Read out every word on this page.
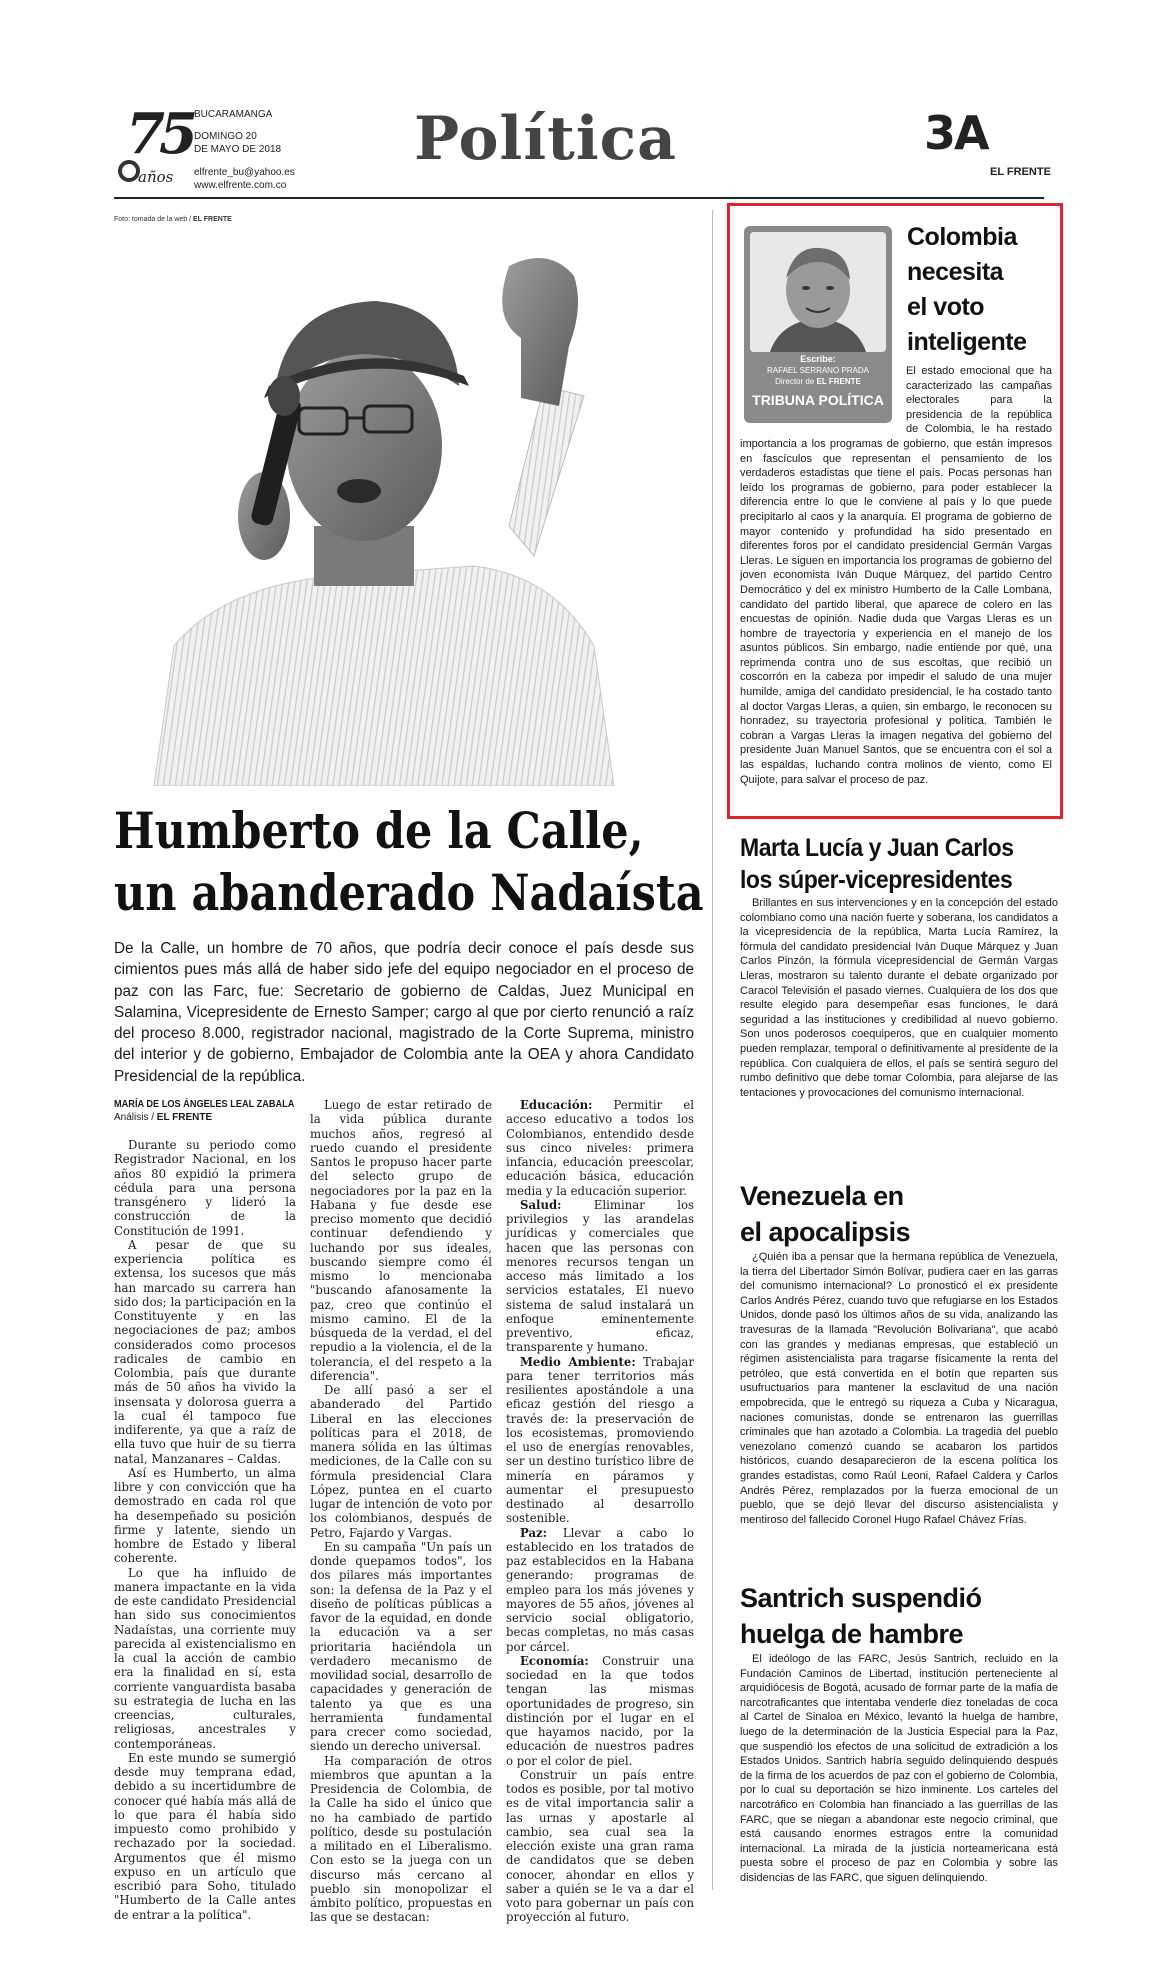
75
años
BUCARAMANGA
DOMINGO 20
DE MAYO DE 2018
elfrente_bu@yahoo.es
www.elfrente.com.co
Política	3A
EL FRENTE
Foto: tomada de la web / EL FRENTE
Humberto de la Calle,
un abanderado Nadaísta
De la Calle, un hombre de 70 años, que podría decir conoce el país desde sus cimientos pues más allá de haber sido jefe del equipo negociador en el proceso de paz con las Farc, fue: Secretario de gobierno de Caldas, Juez Municipal en Salamina, Vicepresidente de Ernesto Samper; cargo al que por cierto renunció a raíz del proceso 8.000, registrador nacional, magistrado de la Corte Suprema, ministro del interior y de gobierno, Embajador de Colombia ante la OEA y ahora Candidato Presidencial de la república.
MARÍA DE LOS ÁNGELES LEAL ZABALA
Análisis / EL FRENTE

Durante su periodo como Registrador Nacional, en los años 80 expidió la primera cédula para una persona transgénero y lideró la construcción de la Constitución de 1991.

A pesar de que su experiencia política es extensa, los sucesos que más han marcado su carrera han sido dos; la participación en la Constituyente y en las negociaciones de paz; ambos considerados como procesos radicales de cambio en Colombia, país que durante más de 50 años ha vivido la insensata y dolorosa guerra a la cual él tampoco fue indiferente, ya que a raíz de ella tuvo que huir de su tierra natal, Manzanares – Caldas.

Así es Humberto, un alma libre y con convicción que ha demostrado en cada rol que ha desempeñado su posición firme y latente, siendo un hombre de Estado y liberal coherente.

Lo que ha influido de manera impactante en la vida de este candidato Presidencial han sido sus conocimientos Nadaístas, una corriente muy parecida al existencialismo en la cual la acción de cambio era la finalidad en sí, esta corriente vanguardista basaba su estrategia de lucha en las creencias, culturales, religiosas, ancestrales y contemporáneas.

En este mundo se sumergió desde muy temprana edad, debido a su incertidumbre de conocer qué había más allá de lo que para él había sido impuesto como prohibido y rechazado por la sociedad. Argumentos que él mismo expuso en un artículo que escribió para Soho, titulado "Humberto de la Calle antes de entrar a la política".

Luego de estar retirado de la vida pública durante muchos años, regresó al ruedo cuando el presidente Santos le propuso hacer parte del selecto grupo de negociadores por la paz en la Habana y fue desde ese preciso momento que decidió continuar defendiendo y luchando por sus ideales, buscando siempre como él mismo lo mencionaba "buscando afanosamente la paz, creo que continúo el mismo camino. El de la búsqueda de la verdad, el del repudio a la violencia, el de la tolerancia, el del respeto a la diferencia".

De allí pasó a ser el abanderado del Partido Liberal en las elecciones políticas para el 2018, de manera sólida en las últimas mediciones, de la Calle con su fórmula presidencial Clara López, puntea en el cuarto lugar de intención de voto por los colombianos, después de Petro, Fajardo y Vargas.

En su campaña "Un país un donde quepamos todos", los dos pilares más importantes son: la defensa de la Paz y el diseño de políticas públicas a favor de la equidad, en donde la educación va a ser prioritaria haciéndola un verdadero mecanismo de movilidad social, desarrollo de capacidades y generación de talento ya que es una herramienta fundamental para crecer como sociedad, siendo un derecho universal.

Ha comparación de otros miembros que apuntan a la Presidencia de Colombia, de la Calle ha sido el único que no ha cambiado de partido político, desde su postulación a militado en el Liberalismo. Con esto se la juega con un discurso más cercano al pueblo sin monopolizar el ámbito político, propuestas en las que se destacan:

Educación: Permitir el acceso educativo a todos los Colombianos, entendido desde sus cinco niveles: primera infancia, educación preescolar, educación básica, educación media y la educación superior.

Salud: Eliminar los privilegios y las arandelas jurídicas y comerciales que hacen que las personas con menores recursos tengan un acceso más limitado a los servicios estatales, El nuevo sistema de salud instalará un enfoque eminentemente preventivo, eficaz, transparente y humano.

Medio Ambiente: Trabajar para tener territorios más resilientes apostándole a una eficaz gestión del riesgo a través de: la preservación de los ecosistemas, promoviendo el uso de energías renovables, ser un destino turístico libre de minería en páramos y aumentar el presupuesto destinado al desarrollo sostenible.

Paz: Llevar a cabo lo establecido en los tratados de paz establecidos en la Habana generando: programas de empleo para los más jóvenes y mayores de 55 años, jóvenes al servicio social obligatorio, becas completas, no más casas por cárcel.

Economía: Construir una sociedad en la que todos tengan las mismas oportunidades de progreso, sin distinción por el lugar en el que hayamos nacido, por la educación de nuestros padres o por el color de piel.

Construir un país entre todos es posible, por tal motivo es de vital importancia salir a las urnas y apostarle al cambio, sea cual sea la elección existe una gran rama de candidatos que se deben conocer, ahondar en ellos y saber a quién se le va a dar el voto para gobernar un país con proyección al futuro.

Escribe:
RAFAEL SERRANO PRADA
Director de EL FRENTE
TRIBUNA POLÍTICA
Colombia
necesita
el voto
inteligente

El estado emocional que ha caracterizado las campañas electorales para la presidencia de la república de Colombia, le ha restado importancia a los programas de gobierno, que están impresos en fascículos que representan el pensamiento de los verdaderos estadistas que tiene el país. Pocas personas han leído los programas de gobierno, para poder establecer la diferencia entre lo que le conviene al país y lo que puede precipitarlo al caos y la anarquía. El programa de gobierno de mayor contenido y profundidad ha sido presentado en diferentes foros por el candidato presidencial Germán Vargas Lleras. Le siguen en importancia los programas de gobierno del joven economista Iván Duque Márquez, del partido Centro Democrático y del ex ministro Humberto de la Calle Lombana, candidato del partido liberal, que aparece de colero en las encuestas de opinión. Nadie duda que Vargas Lleras es un hombre de trayectoria y experiencia en el manejo de los asuntos públicos. Sin embargo, nadie entiende por qué, una reprimenda contra uno de sus escoltas, que recibió un coscorrón en la cabeza por impedir el saludo de una mujer humilde, amiga del candidato presidencial, le ha costado tanto al doctor Vargas Lleras, a quien, sin embargo, le reconocen su honradez, su trayectoria profesional y política. También le cobran a Vargas Lleras la imagen negativa del gobierno del presidente Juan Manuel Santos, que se encuentra con el sol a las espaldas, luchando contra molinos de viento, como El Quijote, para salvar el proceso de paz.

Marta Lucía y Juan Carlos
los súper-vicepresidentes

Brillantes en sus intervenciones y en la concepción del estado colombiano como una nación fuerte y soberana, los candidatos a la vicepresidencia de la república, Marta Lucía Ramírez, la fórmula del candidato presidencial Iván Duque Márquez y Juan Carlos Pinzón, la fórmula vicepresidencial de Germán Vargas Lleras, mostraron su talento durante el debate organizado por Caracol Televisión el pasado viernes. Cualquiera de los dos que resulte elegido para desempeñar esas funciones, le dará seguridad a las instituciones y credibilidad al nuevo gobierno. Son unos poderosos coequiperos, que en cualquier momento pueden remplazar, temporal o definitivamente al presidente de la república. Con cualquiera de ellos, el país se sentirá seguro del rumbo definitivo que debe tomar Colombia, para alejarse de las tentaciones y provocaciones del comunismo internacional.

Venezuela en
el apocalipsis

¿Quién iba a pensar que la hermana república de Venezuela, la tierra del Libertador Simón Bolívar, pudiera caer en las garras del comunismo internacional? Lo pronosticó el ex presidente Carlos Andrés Pérez, cuando tuvo que refugiarse en los Estados Unidos, donde pasó los últimos años de su vida, analizando las travesuras de la llamada "Revolución Bolivariana", que acabó con las grandes y medianas empresas, que estableció un régimen asistencialista para tragarse físicamente la renta del petróleo, que está convertida en el botín que reparten sus usufructuarios para mantener la esclavitud de una nación empobrecida, que le entregó su riqueza a Cuba y Nicaragua, naciones comunistas, donde se entrenaron las guerrillas criminales que han azotado a Colombia. La tragedia del pueblo venezolano comenzó cuando se acabaron los partidos históricos, cuando desaparecieron de la escena política los grandes estadistas, como Raúl Leoni, Rafael Caldera y Carlos Andrés Pérez, remplazados por la fuerza emocional de un pueblo, que se dejó llevar del discurso asistencialista y mentiroso del fallecido Coronel Hugo Rafael Chávez Frías.

Santrich suspendió
huelga de hambre

El ideólogo de las FARC, Jesús Santrich, recluido en la Fundación Caminos de Libertad, institución perteneciente al arquidiócesis de Bogotá, acusado de formar parte de la mafia de narcotraficantes que intentaba venderle diez toneladas de coca al Cartel de Sinaloa en México, levantó la huelga de hambre, luego de la determinación de la Justicia Especial para la Paz, que suspendió los efectos de una solicitud de extradición a los Estados Unidos. Santrich habría seguido delinquiendo después de la firma de los acuerdos de paz con el gobierno de Colombia, por lo cual su deportación se hizo inminente. Los carteles del narcotráfico en Colombia han financiado a las guerrillas de las FARC, que se niegan a abandonar este negocio criminal, que está causando enormes estragos entre la comunidad internacional. La mirada de la justicia norteamericana está puesta sobre el proceso de paz en Colombia y sobre las disidencias de las FARC, que siguen delinquiendo.
